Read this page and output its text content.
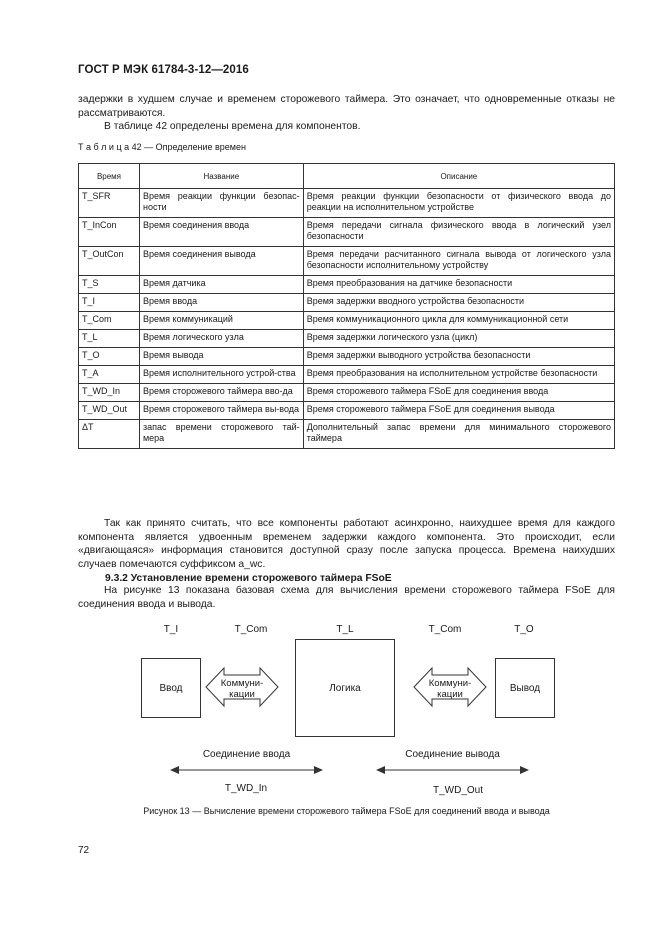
ГОСТ Р МЭК 61784-3-12—2016
задержки в худшем случае и временем сторожевого таймера. Это означает, что одновременные отказы не рассматриваются.
В таблице 42 определены времена для компонентов.
Т а б л и ц а 42 — Определение времен
Время	Название	Описание
T_SFR	Время реакции функции безопас-ности	Время реакции функции безопасности от физического ввода до реакции на исполнительном устройстве
T_InCon	Время соединения ввода	Время передачи сигнала физического ввода в логический узел безопасности
T_OutCon	Время соединения вывода	Время передачи расчитанного сигнала вывода от логического узла безопасности исполнительному устройству
T_S	Время датчика	Время преобразования на датчике безопасности
T_I	Время ввода	Время задержки вводного устройства безопасности
T_Com	Время коммуникаций	Время коммуникационного цикла для коммуникационной сети
T_L	Время логического узла	Время задержки логического узла (цикл)
T_O	Время вывода	Время задержки выводного устройства безопасности
T_A	Время исполнительного устрой-ства	Время преобразования на исполнительном устройстве безопасности
T_WD_In	Время сторожевого таймера вво-да	Время сторожевого таймера FSoE для соединения ввода
T_WD_Out	Время сторожевого таймера вы-вода	Время сторожевого таймера FSoE для соединения вывода
ΔT	запас времени сторожевого тай-мера	Дополнительный запас времени для минимального сторожевого таймера
Так как принято считать, что все компоненты работают асинхронно, наихудшее время для каждого компонента является удвоенным временем задержки каждого компонента. Это происходит, если «двигающаяся» информация становится доступной сразу после запуска процесса. Времена наихудших случаев помечаются суффиксом a_wc.
9.3.2 Установление времени сторожевого таймера FSoE
На рисунке 13 показана базовая схема для вычисления времени сторожевого таймера FSoE для соединения ввода и вывода.
T_I	T_Com	T_L	T_Com	T_O
Ввод	Логика	Вывод
Коммуни-
кации
Коммуни-
кации
Соединение ввода	Соединение вывода
T_WD_In	T_WD_Out
Рисунок 13 — Вычисление времени сторожевого таймера FSoE для соединений ввода и вывода
72
